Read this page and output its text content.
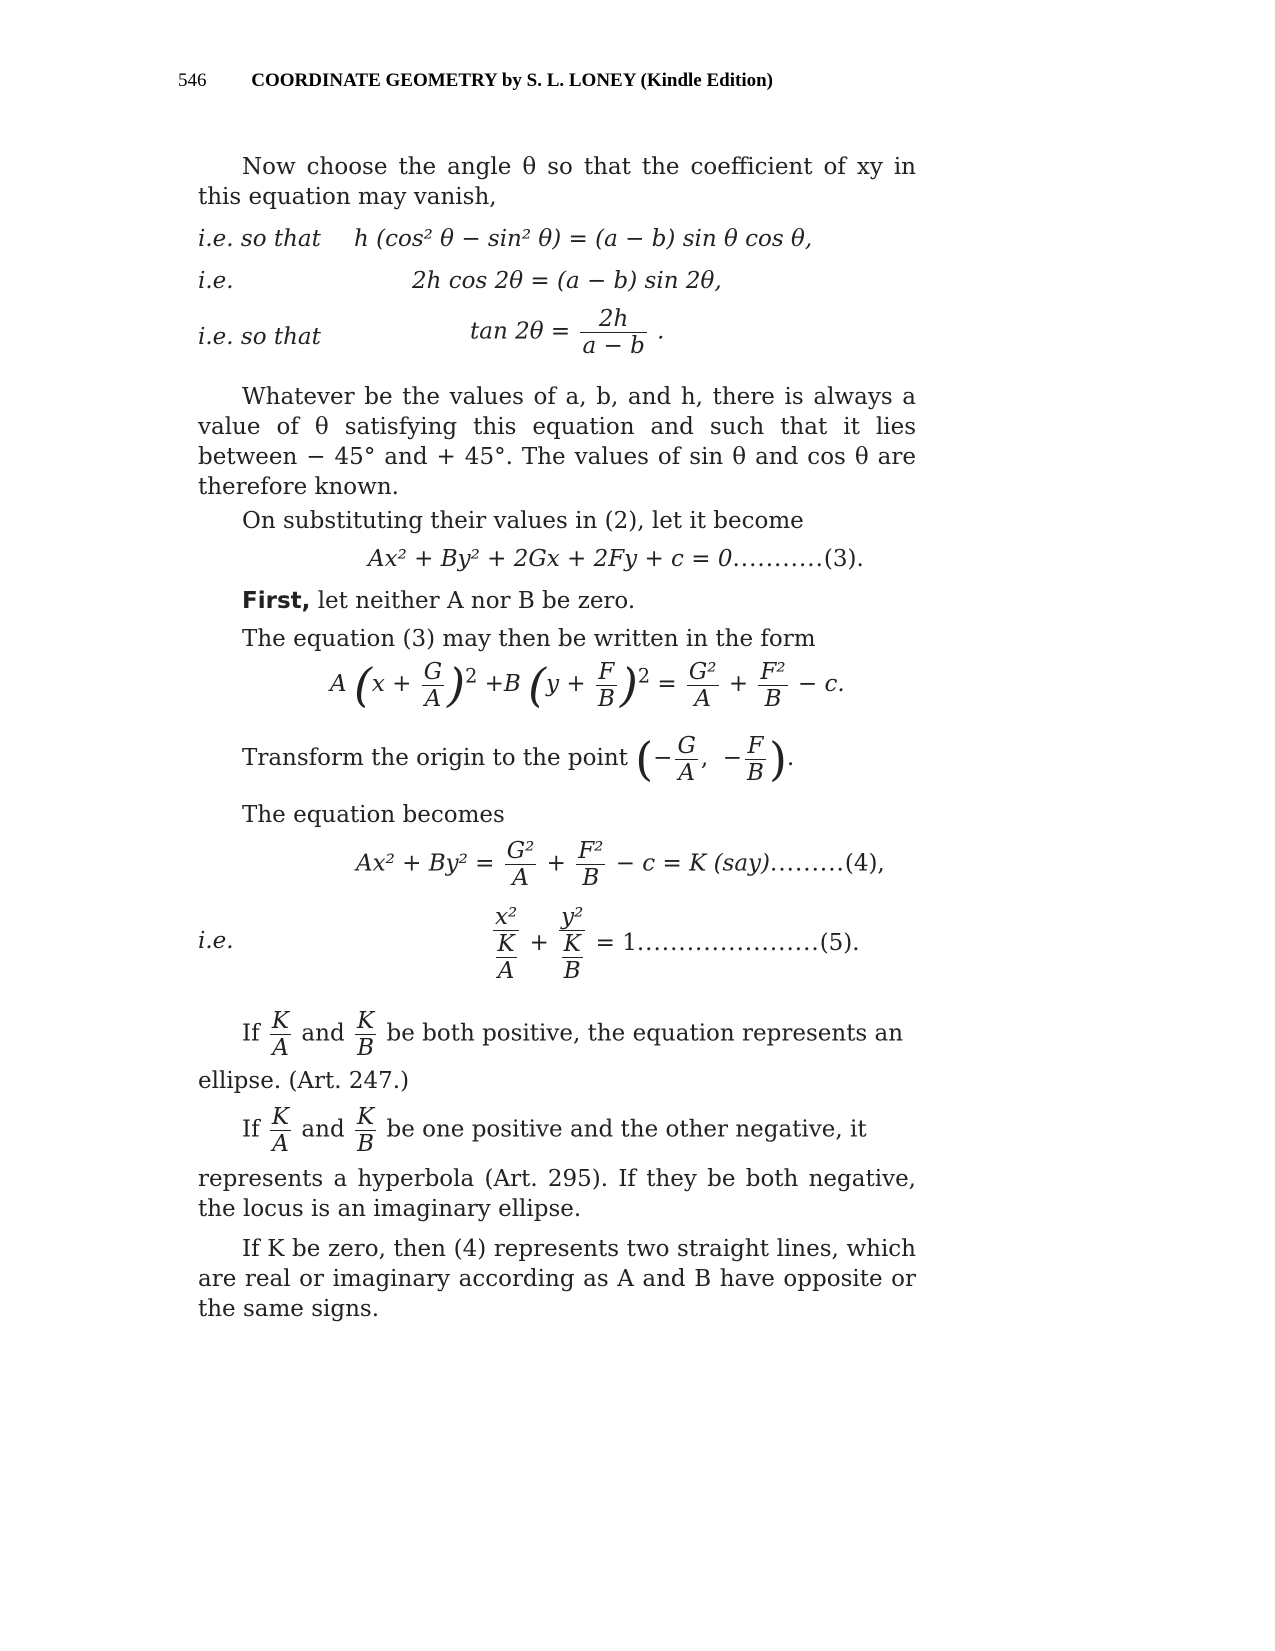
546 COORDINATE GEOMETRY by S. L. LONEY (Kindle Edition)
Now choose the angle θ so that the coefficient of xy in this equation may vanish,
i.e. so that h (cos² θ − sin² θ) = (a − b) sin θ cos θ,
i.e.	2h cos 2θ = (a − b) sin 2θ,
i.e. so that	$\tan 2\theta = \frac{2h}{a - b}$ .
Whatever be the values of a, b, and h, there is always a value of θ satisfying this equation and such that it lies between − 45° and + 45°. The values of sin θ and cos θ are therefore known.
On substituting their values in (2), let it become
Ax² + By² + 2Gx + 2Fy + c = 0...........(3).
First, let neither A nor B be zero.
The equation (3) may then be written in the form
A $(x + \frac{G}{A} )^2 +B$ $(y + \frac{F}{B} )^2 = \frac{\text{G²}}{A} + \frac{\text{F²}}{B} - c$.
Transform the origin to the point (− $\frac{G}{A}$ ,  − $\frac{F}{B}$ ).
The equation becomes
$Ax^2 + By^2 = \frac{\text{G²}}{A} + \frac{\text{F²}}{B} - c = K$ (say).........(4),
i.e.	$\frac{\text{x²}}{\frac{K}{A}} + \frac{\text{y²}}{\frac{K}{B}} = 1......................(5)$.
If $\frac{K}{A}$ and $\frac{K}{B}$ be both positive, the equation represents an
ellipse. (Art. 247.)
If $\frac{K}{A}$ and $\frac{K}{B}$ be one positive and the other negative, it
represents a hyperbola (Art. 295). If they be both negative, the locus is an imaginary ellipse.
If K be zero, then (4) represents two straight lines, which are real or imaginary according as A and B have opposite or the same signs.
